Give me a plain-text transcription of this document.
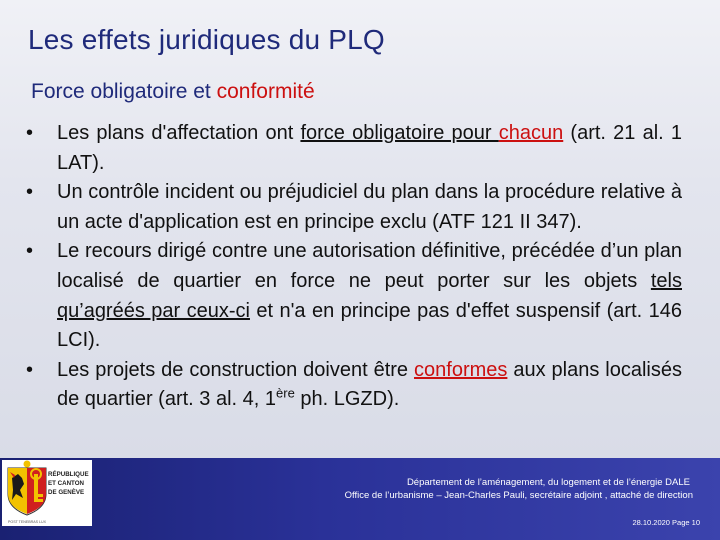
Les effets juridiques du PLQ
Force obligatoire et conformité
•	Les plans d'affectation ont force obligatoire pour chacun (art. 21 al. 1 LAT).
•	Un contrôle incident ou préjudiciel du plan dans la procédure relative à un acte d'application est en principe exclu (ATF 121 II 347).
•	Le recours dirigé contre une autorisation définitive, précédée d’un plan localisé de quartier en force ne peut porter sur les objets tels qu’agréés par ceux-ci et n'a en principe pas d'effet suspensif (art. 146 LCI).
•	Les projets de construction doivent être conformes aux plans localisés de quartier (art. 3 al. 4, 1ère ph. LGZD).
RÉPUBLIQUE
ET CANTON
DE GENÈVE
POST TENEBRAS LUX
Département de l’aménagement, du logement et de l’énergie DALE
Office de l’urbanisme – Jean-Charles Pauli, secrétaire adjoint , attaché de direction
28.10.2020 Page 10
